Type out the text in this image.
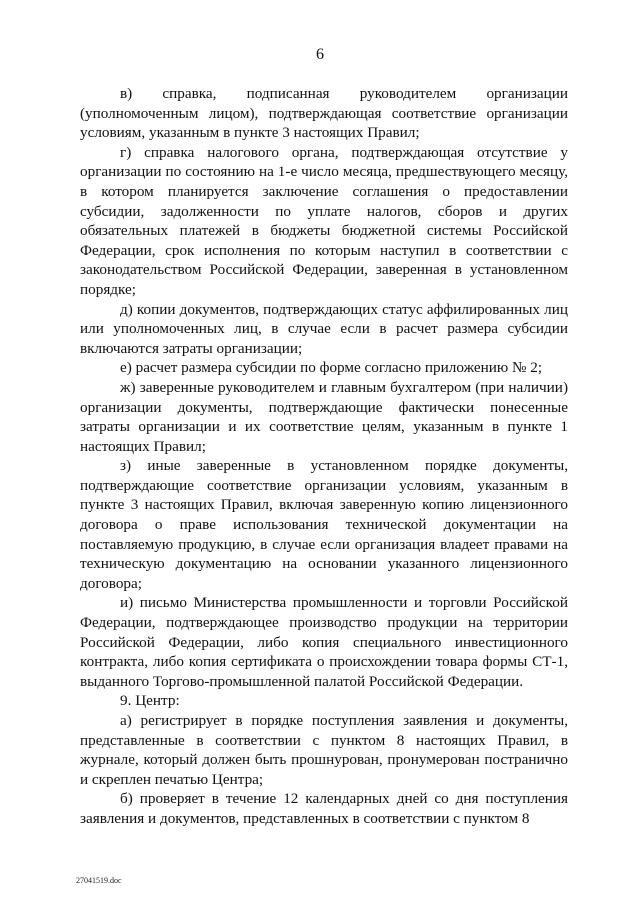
6

в) справка, подписанная руководителем организации (уполномоченным лицом), подтверждающая соответствие организации условиям, указанным в пункте 3 настоящих Правил;

г) справка налогового органа, подтверждающая отсутствие у организации по состоянию на 1-е число месяца, предшествующего месяцу, в котором планируется заключение соглашения о предоставлении субсидии, задолженности по уплате налогов, сборов и других обязательных платежей в бюджеты бюджетной системы Российской Федерации, срок исполнения по которым наступил в соответствии с законодательством Российской Федерации, заверенная в установленном порядке;

д) копии документов, подтверждающих статус аффилированных лиц или уполномоченных лиц, в случае если в расчет размера субсидии включаются затраты организации;

е) расчет размера субсидии по форме согласно приложению № 2;

ж) заверенные руководителем и главным бухгалтером (при наличии) организации документы, подтверждающие фактически понесенные затраты организации и их соответствие целям, указанным в пункте 1 настоящих Правил;

з) иные заверенные в установленном порядке документы, подтверждающие соответствие организации условиям, указанным в пункте 3 настоящих Правил, включая заверенную копию лицензионного договора о праве использования технической документации на поставляемую продукцию, в случае если организация владеет правами на техническую документацию на основании указанного лицензионного договора;

и) письмо Министерства промышленности и торговли Российской Федерации, подтверждающее производство продукции на территории Российской Федерации, либо копия специального инвестиционного контракта, либо копия сертификата о происхождении товара формы СТ-1, выданного Торгово-промышленной палатой Российской Федерации.

9. Центр:

а) регистрирует в порядке поступления заявления и документы, представленные в соответствии с пунктом 8 настоящих Правил, в журнале, который должен быть прошнурован, пронумерован постранично и скреплен печатью Центра;

б) проверяет в течение 12 календарных дней со дня поступления заявления и документов, представленных в соответствии с пунктом 8

27041519.doc
